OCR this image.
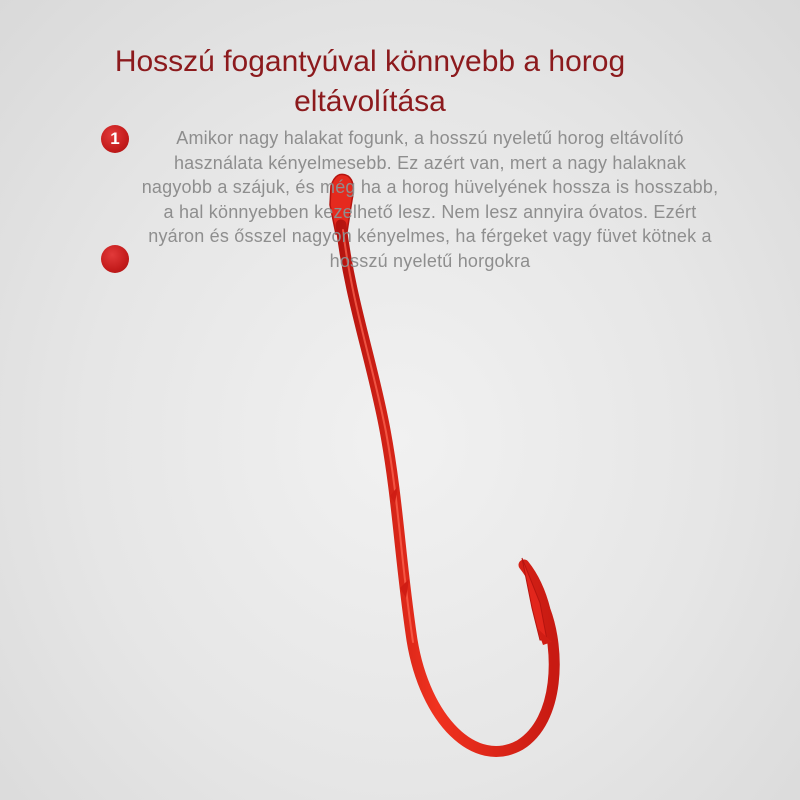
Hosszú fogantyúval könnyebb a horog
eltávolítása
1	Amikor nagy halakat fogunk, a hosszú nyeletű horog eltávolító
használata kényelmesebb. Ez azért van, mert a nagy halaknak
nagyobb a szájuk, és még ha a horog hüvelyének hossza is hosszabb,
a hal könnyebben kezelhető lesz. Nem lesz annyira óvatos. Ezért
nyáron és ősszel nagyon kényelmes, ha férgeket vagy füvet kötnek a
hosszú nyeletű horgokra
